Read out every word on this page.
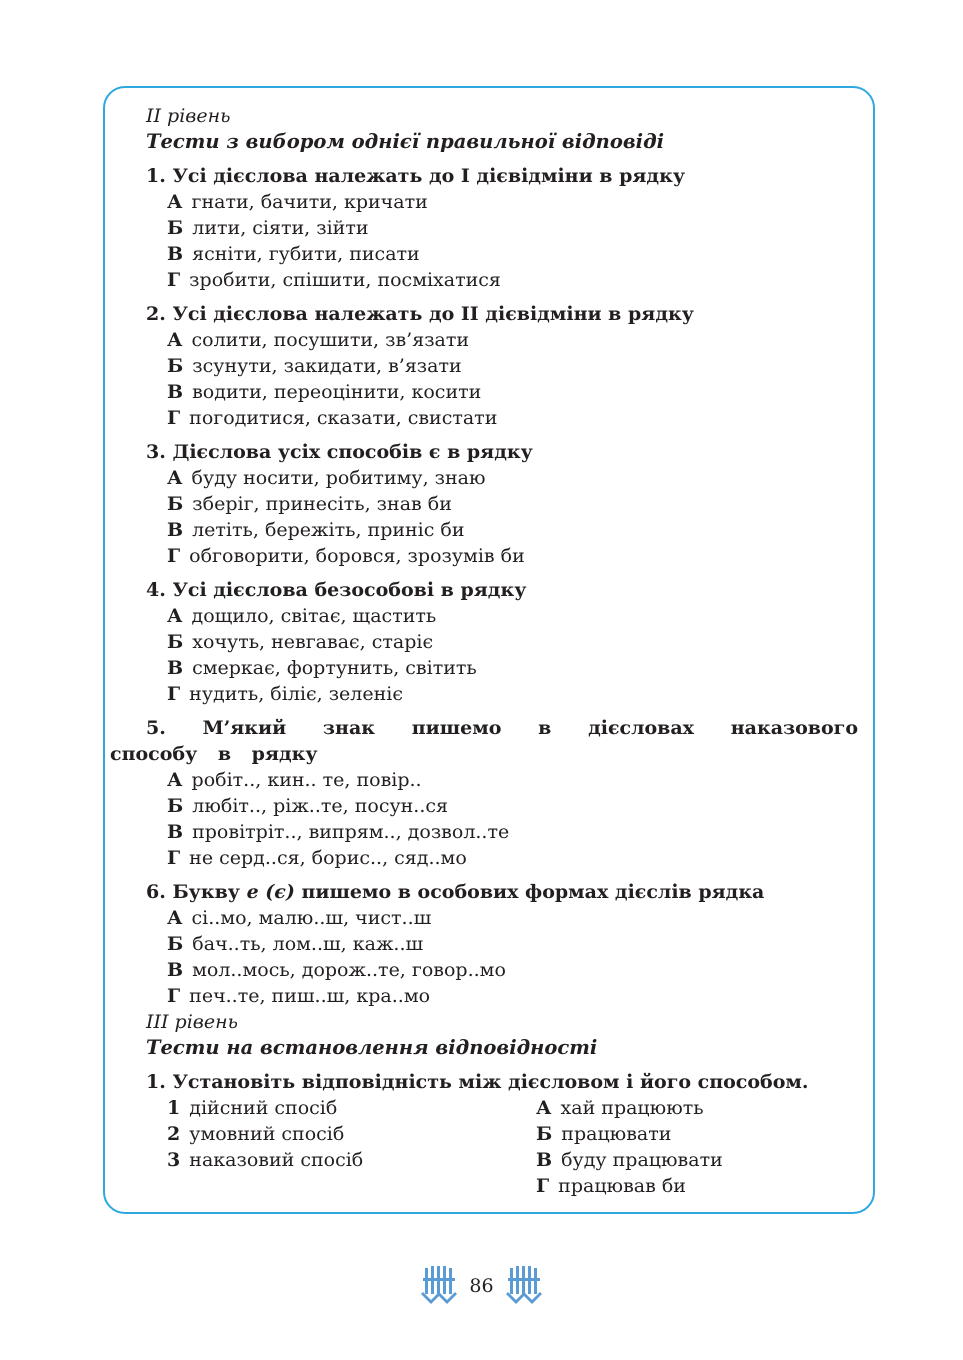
II рівень
Тести з вибором однієї правильної відповіді
1. Усі дієслова належать до І дієвідміни в рядку
А гнати, бачити, кричати
Б лити, сіяти, зійти
В ясніти, губити, писати
Г зробити, спішити, посміхатися
2. Усі дієслова належать до ІІ дієвідміни в рядку
А солити, посушити, зв’язати
Б зсунути, закидати, в’язати
В водити, переоцінити, косити
Г погодитися, сказати, свистати
3. Дієслова усіх способів є в рядку
А буду носити, робитиму, знаю
Б зберіг, принесіть, знав би
В летіть, бережіть, приніс би
Г обговорити, боровся, зрозумів би
4. Усі дієслова безособові в рядку
А дощило, світає, щастить
Б хочуть, невгаває, старіє
В смеркає, фортунить, світить
Г нудить, біліє, зеленіє
5. М’який знак пишемо в дієсловах наказового способу в рядку
А робіт.., кин.. те, повір..
Б любіт.., ріж..те, посун..ся
В провітріт.., випрям.., дозвол..те
Г не серд..ся, борис.., сяд..мо
6. Букву е (є) пишемо в особових формах дієслів рядка
А сі..мо, малю..ш, чист..ш
Б бач..ть, лом..ш, каж..ш
В мол..мось, дорож..те, говор..мо
Г печ..те, пиш..ш, кра..мо
ІІІ рівень
Тести на встановлення відповідності
1. Установіть відповідність між дієсловом і його способом.
1 дійсний спосіб	А хай працюють
2 умовний спосіб	Б працювати
3 наказовий спосіб	В буду працювати
Г працював би
86
